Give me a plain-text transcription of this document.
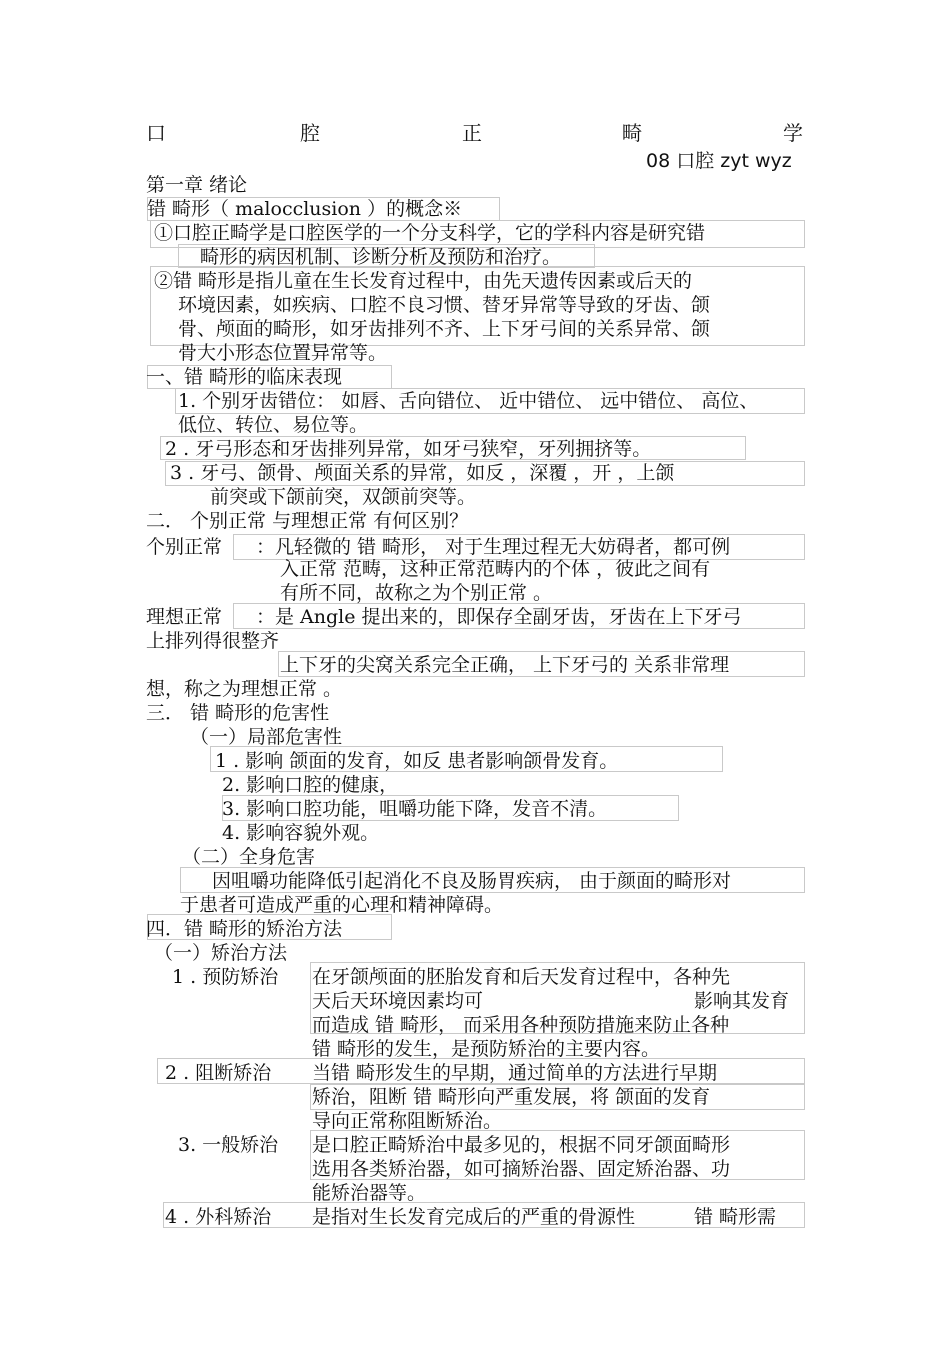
口	腔	正	畸	学
08 口腔 zyt wyz
第一章 绪论
错 畸形（ malocclusion ）的概念※
①口腔正畸学是口腔医学的一个分支科学，它的学科内容是研究错
畸形的病因机制、诊断分析及预防和治疗。
②错 畸形是指儿童在生长发育过程中，由先天遗传因素或后天的
环境因素，如疾病、口腔不良习惯、替牙异常等导致的牙齿、颌
骨、颅面的畸形，如牙齿排列不齐、上下牙弓间的关系异常、颌
骨大小形态位置异常等。
一、错 畸形的临床表现
1. 个别牙齿错位： 如唇、舌向错位、 近中错位、 远中错位、 高位、
低位、转位、易位等。
2 . 牙弓形态和牙齿排列异常，如牙弓狭窄，牙列拥挤等。
3 . 牙弓、颌骨、颅面关系的异常，如反 ，深覆 ，开 ，上颌
前突或下颌前突，双颌前突等。
二． 个别正常 与理想正常 有何区别？
个别正常 ：凡轻微的 错 畸形， 对于生理过程无大妨碍者，都可例
入正常 范畴，这种正常范畴内的个体 ，彼此之间有
有所不同，故称之为个别正常 。
理想正常 ：是 Angle 提出来的，即保存全副牙齿，牙齿在上下牙弓
上排列得很整齐
上下牙的尖窝关系完全正确， 上下牙弓的 关系非常理
想，称之为理想正常 。
三． 错 畸形的危害性
（一）局部危害性
1 . 影响 颌面的发育，如反 患者影响颌骨发育。
2. 影响口腔的健康，
3. 影响口腔功能，咀嚼功能下降，发音不清。
4. 影响容貌外观。
（二）全身危害
因咀嚼功能降低引起消化不良及肠胃疾病， 由于颜面的畸形对
于患者可造成严重的心理和精神障碍。
四．错 畸形的矫治方法
（一）矫治方法
1 . 预防矫治 在牙颌颅面的胚胎发育和后天发育过程中，各种先
天后天环境因素均可	影响其发育
而造成 错 畸形， 而采用各种预防措施来防止各种
错 畸形的发生，是预防矫治的主要内容。
2 . 阻断矫治 当错 畸形发生的早期，通过简单的方法进行早期
矫治，阻断 错 畸形向严重发展，将 颌面的发育
导向正常称阻断矫治。
3. 一般矫治 是口腔正畸矫治中最多见的，根据不同牙颌面畸形
选用各类矫治器，如可摘矫治器、固定矫治器、功
能矫治器等。
4 . 外科矫治 是指对生长发育完成后的严重的骨源性	错 畸形需
